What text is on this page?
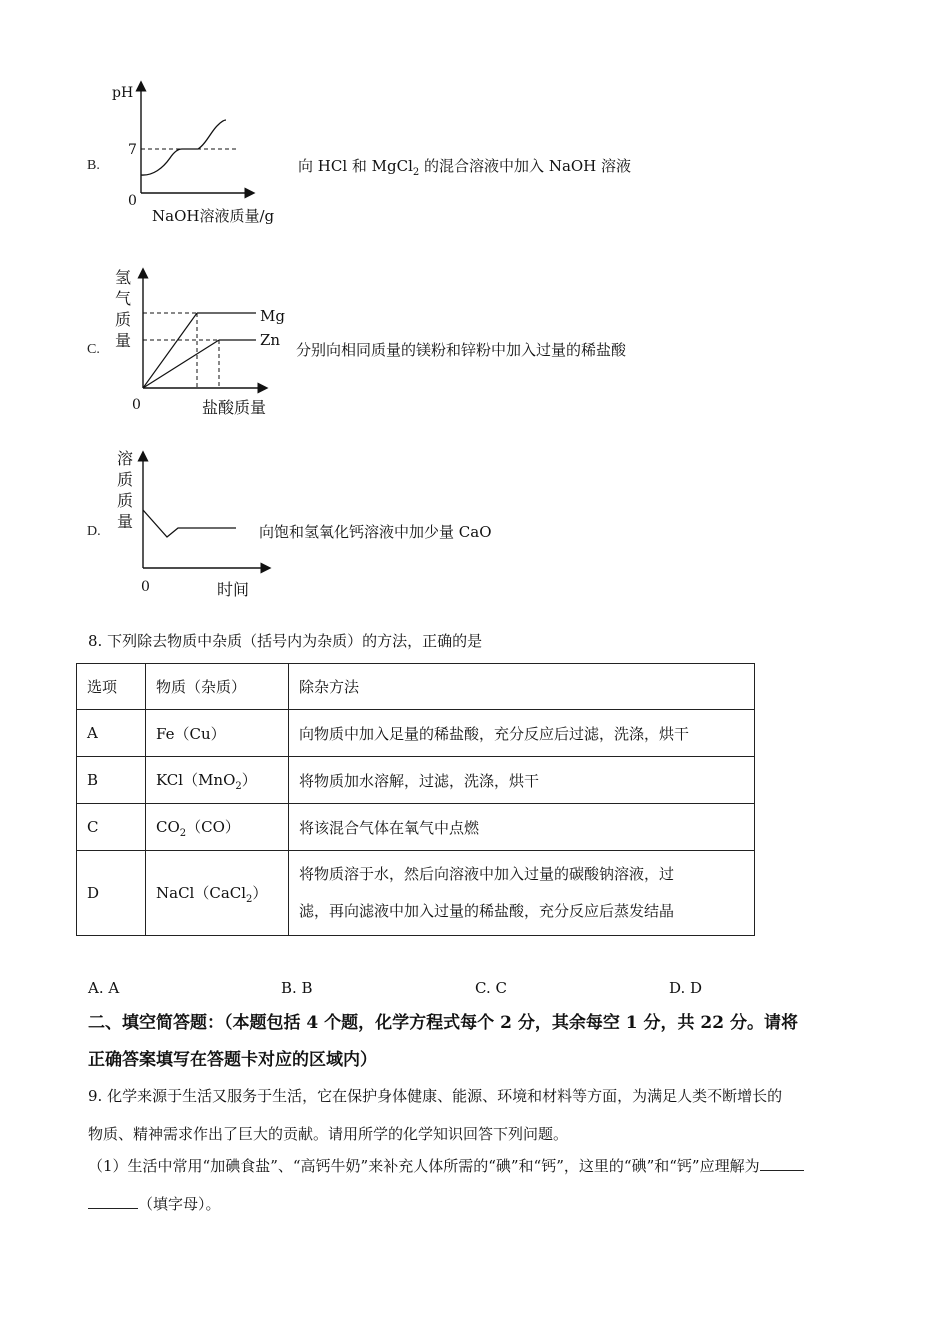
B.
pH
7
0
NaOH溶液质量/g
向 HCl 和 MgCl$_2$ 的混合溶液中加入 NaOH 溶液
C.
氢
气
质
量
Mg
Zn
0	盐酸质量
分别向相同质量的镁粉和锌粉中加入过量的稀盐酸
D.
溶
质
质
量
0	时间
向饱和氢氧化钙溶液中加少量 CaO
8. 下列除去物质中杂质（括号内为杂质）的方法，正确的是
选项	物质（杂质）	除杂方法
A	Fe（Cu）	向物质中加入足量的稀盐酸，充分反应后过滤，洗涤，烘干
B	KCl（MnO$_2$）	将物质加水溶解，过滤，洗涤，烘干
C	$CO_2(CO)$	将该混合气体在氧气中点燃
D	NaCl（CaCl$_2$）	将物质溶于水，然后向溶液中加入过量的碳酸钠溶液，过
滤，再向滤液中加入过量的稀盐酸，充分反应后蒸发结晶
A. A	B. B	C. C	D. D
二、填空简答题：（本题包括 4 个题，化学方程式每个 2 分，其余每空 1 分，共 22 分。请将
正确答案填写在答题卡对应的区域内）
9. 化学来源于生活又服务于生活，它在保护身体健康、能源、环境和材料等方面，为满足人类不断增长的
物质、精神需求作出了巨大的贡献。请用所学的化学知识回答下列问题。
（1）生活中常用“加碘食盐”、“高钙牛奶”来补充人体所需的“碘”和“钙”，这里的“碘”和“钙”应理解为
（填字母）。
